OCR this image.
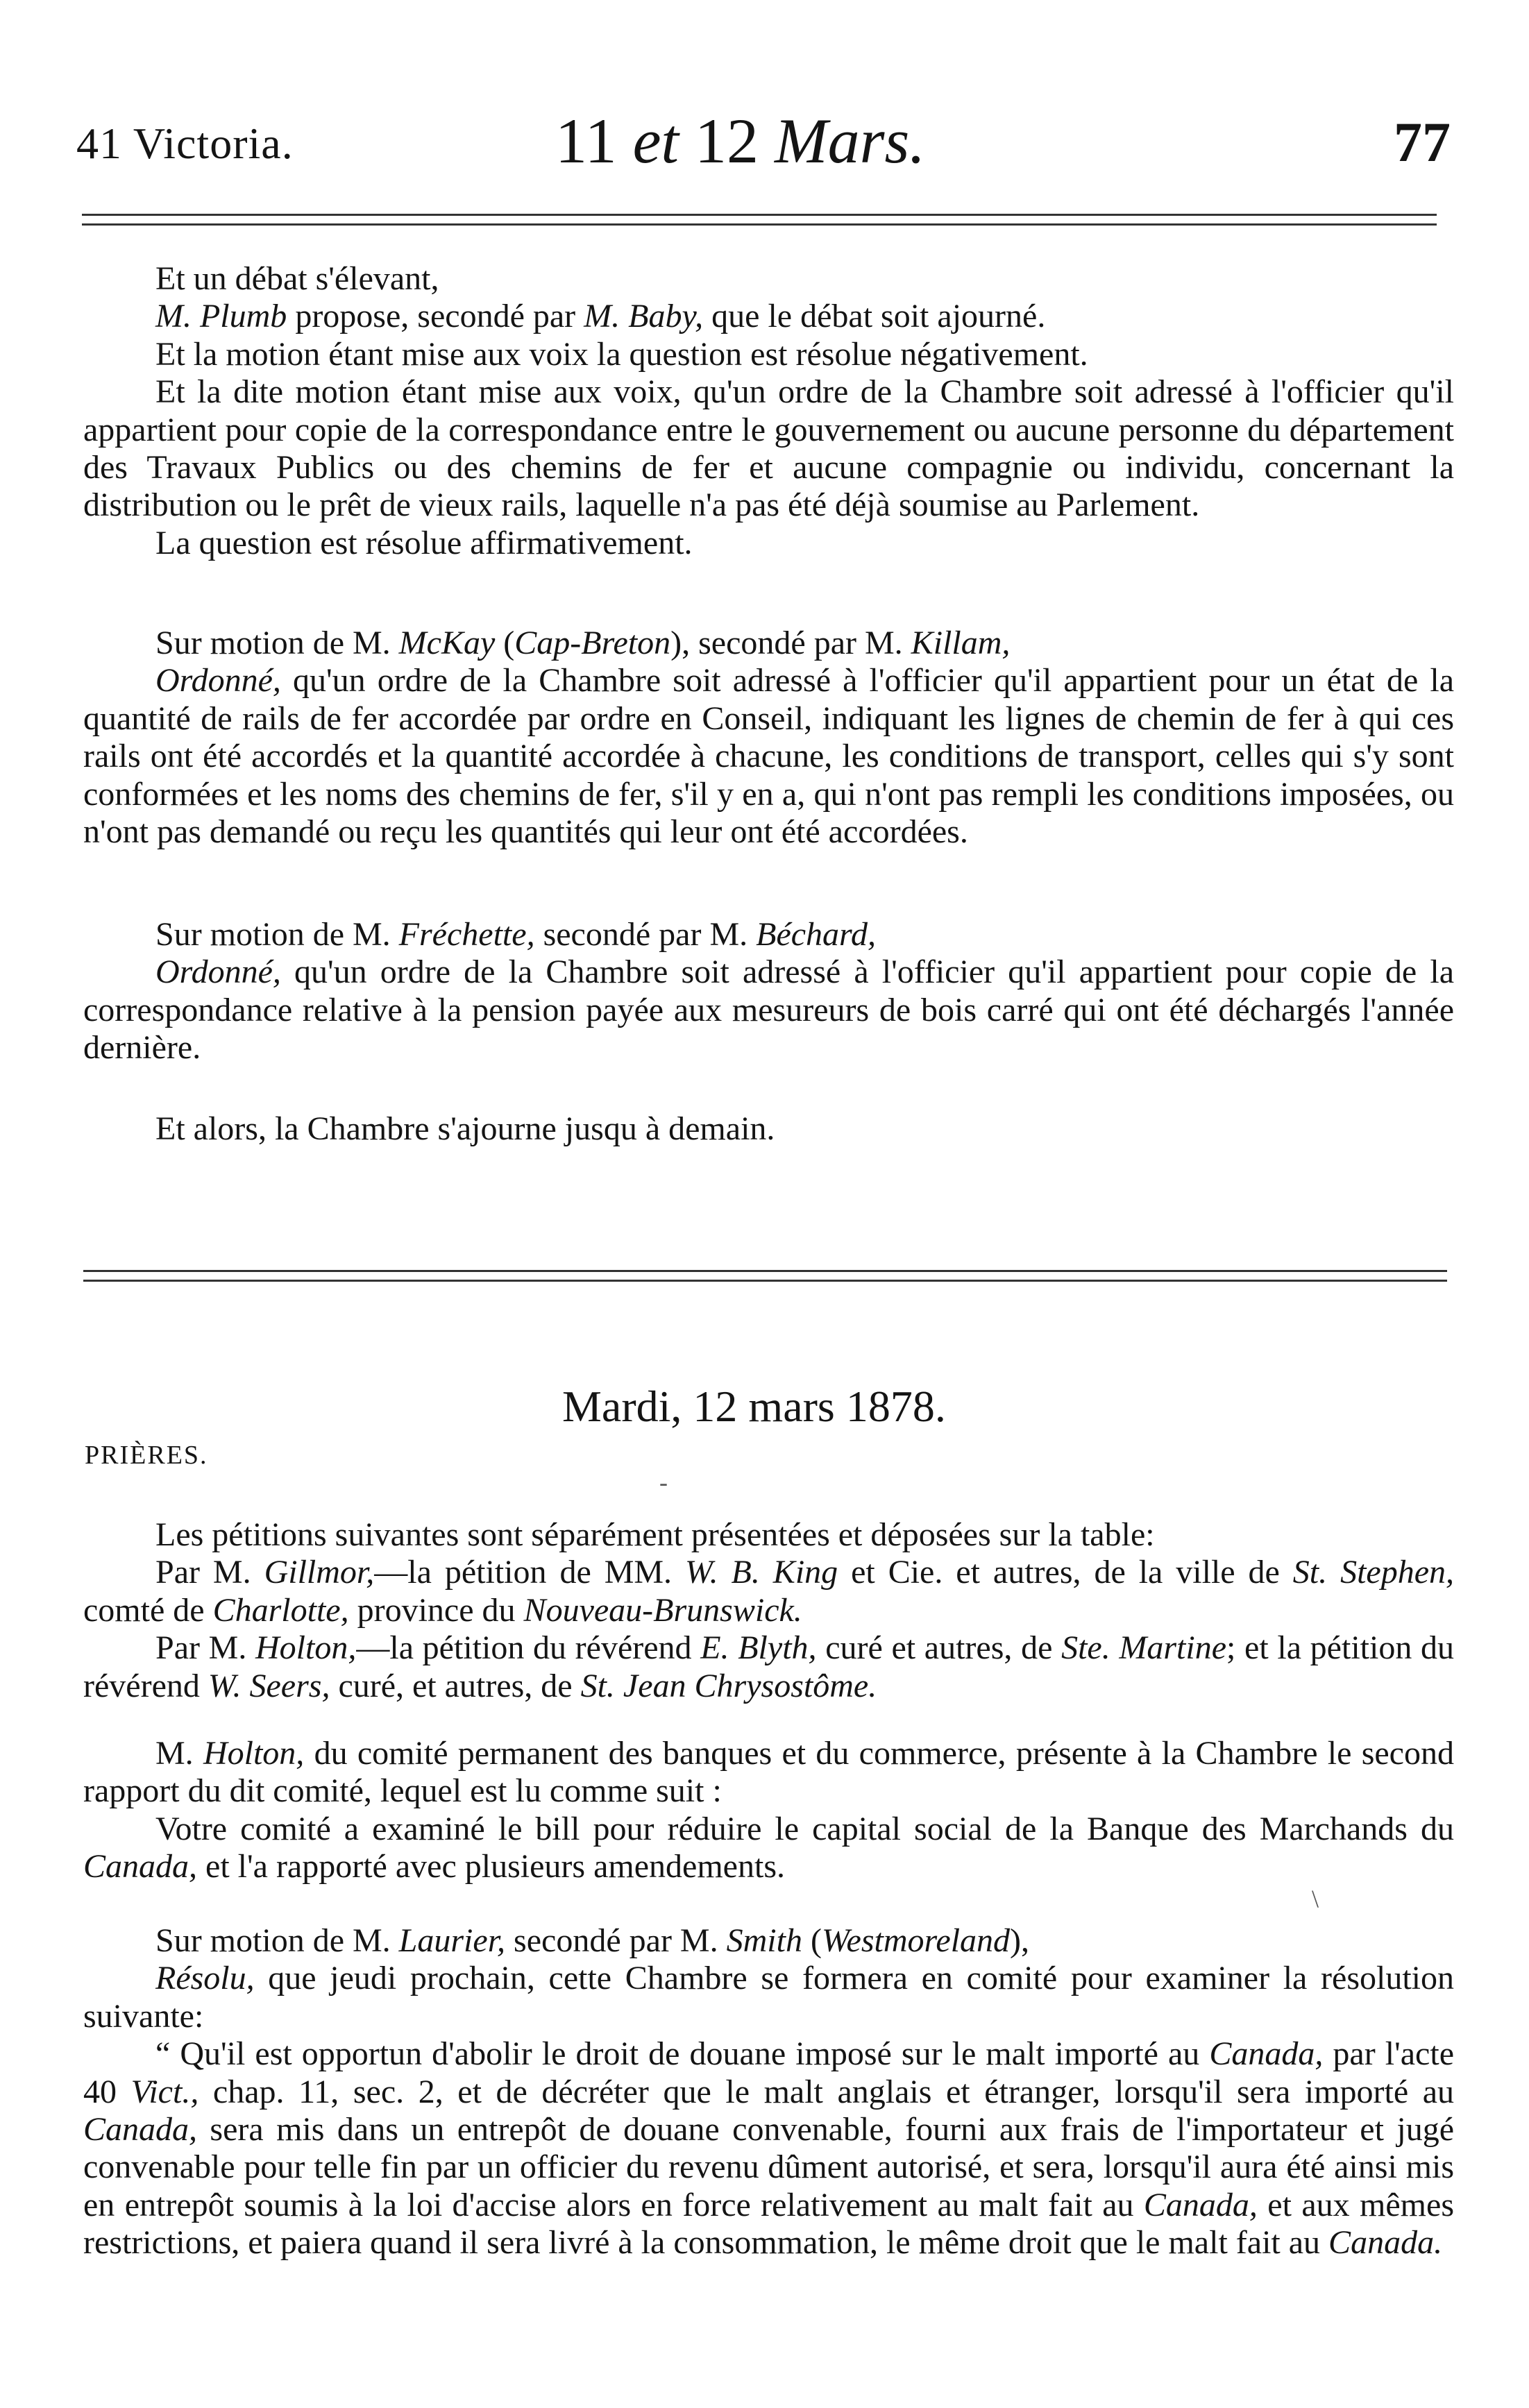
41 Victoria.	11 et 12 Mars.	77

Et un débat s'élevant,

M. Plumb propose, secondé par M. Baby, que le débat soit ajourné.

Et la motion étant mise aux voix la question est résolue négativement.

Et la dite motion étant mise aux voix, qu'un ordre de la Chambre soit adressé à l'officier qu'il appartient pour copie de la correspondance entre le gouvernement ou aucune personne du département des Travaux Publics ou des chemins de fer et aucune compagnie ou individu, concernant la distribution ou le prêt de vieux rails, laquelle n'a pas été déjà soumise au Parlement.

La question est résolue affirmativement.

Sur motion de M. McKay (Cap-Breton), secondé par M. Killam,

Ordonné, qu'un ordre de la Chambre soit adressé à l'officier qu'il appartient pour un état de la quantité de rails de fer accordée par ordre en Conseil, indiquant les lignes de chemin de fer à qui ces rails ont été accordés et la quantité accordée à chacune, les conditions de transport, celles qui s'y sont conformées et les noms des chemins de fer, s'il y en a, qui n'ont pas rempli les conditions imposées, ou n'ont pas demandé ou reçu les quantités qui leur ont été accordées.

Sur motion de M. Fréchette, secondé par M. Béchard,

Ordonné, qu'un ordre de la Chambre soit adressé à l'officier qu'il appartient pour copie de la correspondance relative à la pension payée aux mesureurs de bois carré qui ont été déchargés l'année dernière.

Et alors, la Chambre s'ajourne jusqu à demain.

Mardi, 12 mars 1878.
PRIÈRES.
-

Les pétitions suivantes sont séparément présentées et déposées sur la table:

Par M. Gillmor,—la pétition de MM. W. B. King et Cie. et autres, de la ville de St. Stephen, comté de Charlotte, province du Nouveau-Brunswick.

Par M. Holton,—la pétition du révérend E. Blyth, curé et autres, de Ste. Martine; et la pétition du révérend W. Seers, curé, et autres, de St. Jean Chrysostôme.

M. Holton, du comité permanent des banques et du commerce, présente à la Chambre le second rapport du dit comité, lequel est lu comme suit :

Votre comité a examiné le bill pour réduire le capital social de la Banque des Marchands du Canada, et l'a rapporté avec plusieurs amendements.

\

Sur motion de M. Laurier, secondé par M. Smith (Westmoreland),

Résolu, que jeudi prochain, cette Chambre se formera en comité pour examiner la résolution suivante:

“ Qu'il est opportun d'abolir le droit de douane imposé sur le malt importé au Canada, par l'acte 40 Vict., chap. 11, sec. 2, et de décréter que le malt anglais et étranger, lorsqu'il sera importé au Canada, sera mis dans un entrepôt de douane convenable, fourni aux frais de l'importateur et jugé convenable pour telle fin par un officier du revenu dûment autorisé, et sera, lorsqu'il aura été ainsi mis en entrepôt soumis à la loi d'accise alors en force relativement au malt fait au Canada, et aux mêmes restrictions, et paiera quand il sera livré à la consommation, le même droit que le malt fait au Canada.
